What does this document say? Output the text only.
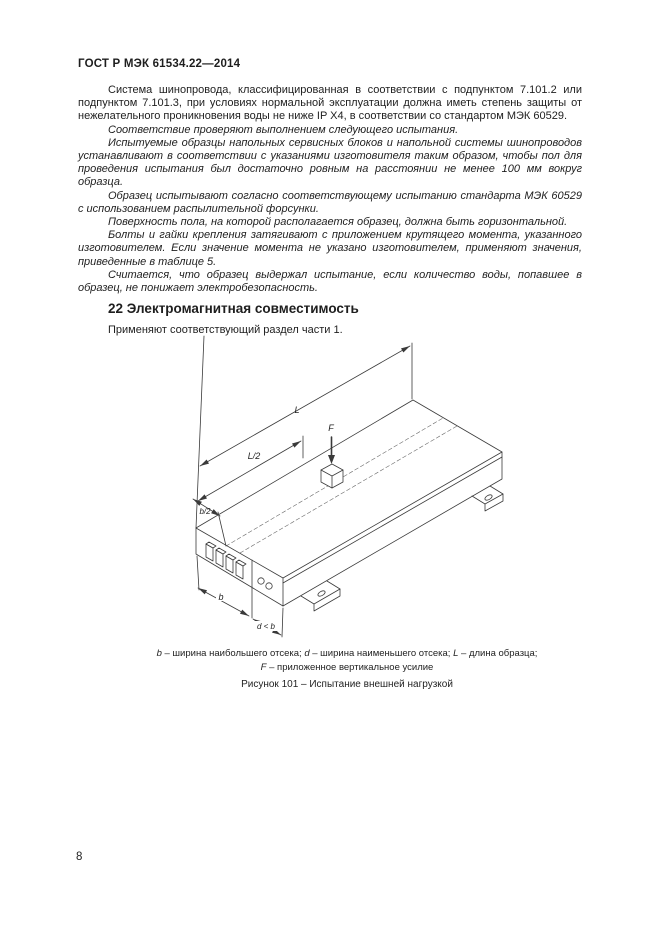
ГОСТ Р МЭК 61534.22—2014

Система шинопровода, классифицированная в соответствии с подпунктом 7.101.2 или подпунктом 7.101.3, при условиях нормальной эксплуатации должна иметь степень защиты от нежелательного проникновения воды не ниже IP X4, в соответствии со стандартом МЭК 60529.

Соответствие проверяют выполнением следующего испытания.

Испытуемые образцы напольных сервисных блоков и напольной системы шинопроводов устанавливают в соответствии с указаниями изготовителя таким образом, чтобы пол для проведения испытания был достаточно ровным на расстоянии не менее 100 мм вокруг образца.

Образец испытывают согласно соответствующему испытанию стандарта МЭК 60529 с использованием распылительной форсунки.

Поверхность пола, на которой располагается образец, должна быть горизонтальной.

Болты и гайки крепления затягивают с приложением крутящего момента, указанного изготовителем. Если значение момента не указано изготовителем, применяют значения, приведенные в таблице 5.

Считается, что образец выдержал испытание, если количество воды, попавшее в образец, не понижает электробезопасность.

22 Электромагнитная совместимость

Применяют соответствующий раздел части 1.

L
L/2
b/2
b
d < b
F
b – ширина наибольшего отсека; d – ширина наименьшего отсека; L – длина образца;
F – приложенное вертикальное усилие
Рисунок 101 – Испытание внешней нагрузкой
8
